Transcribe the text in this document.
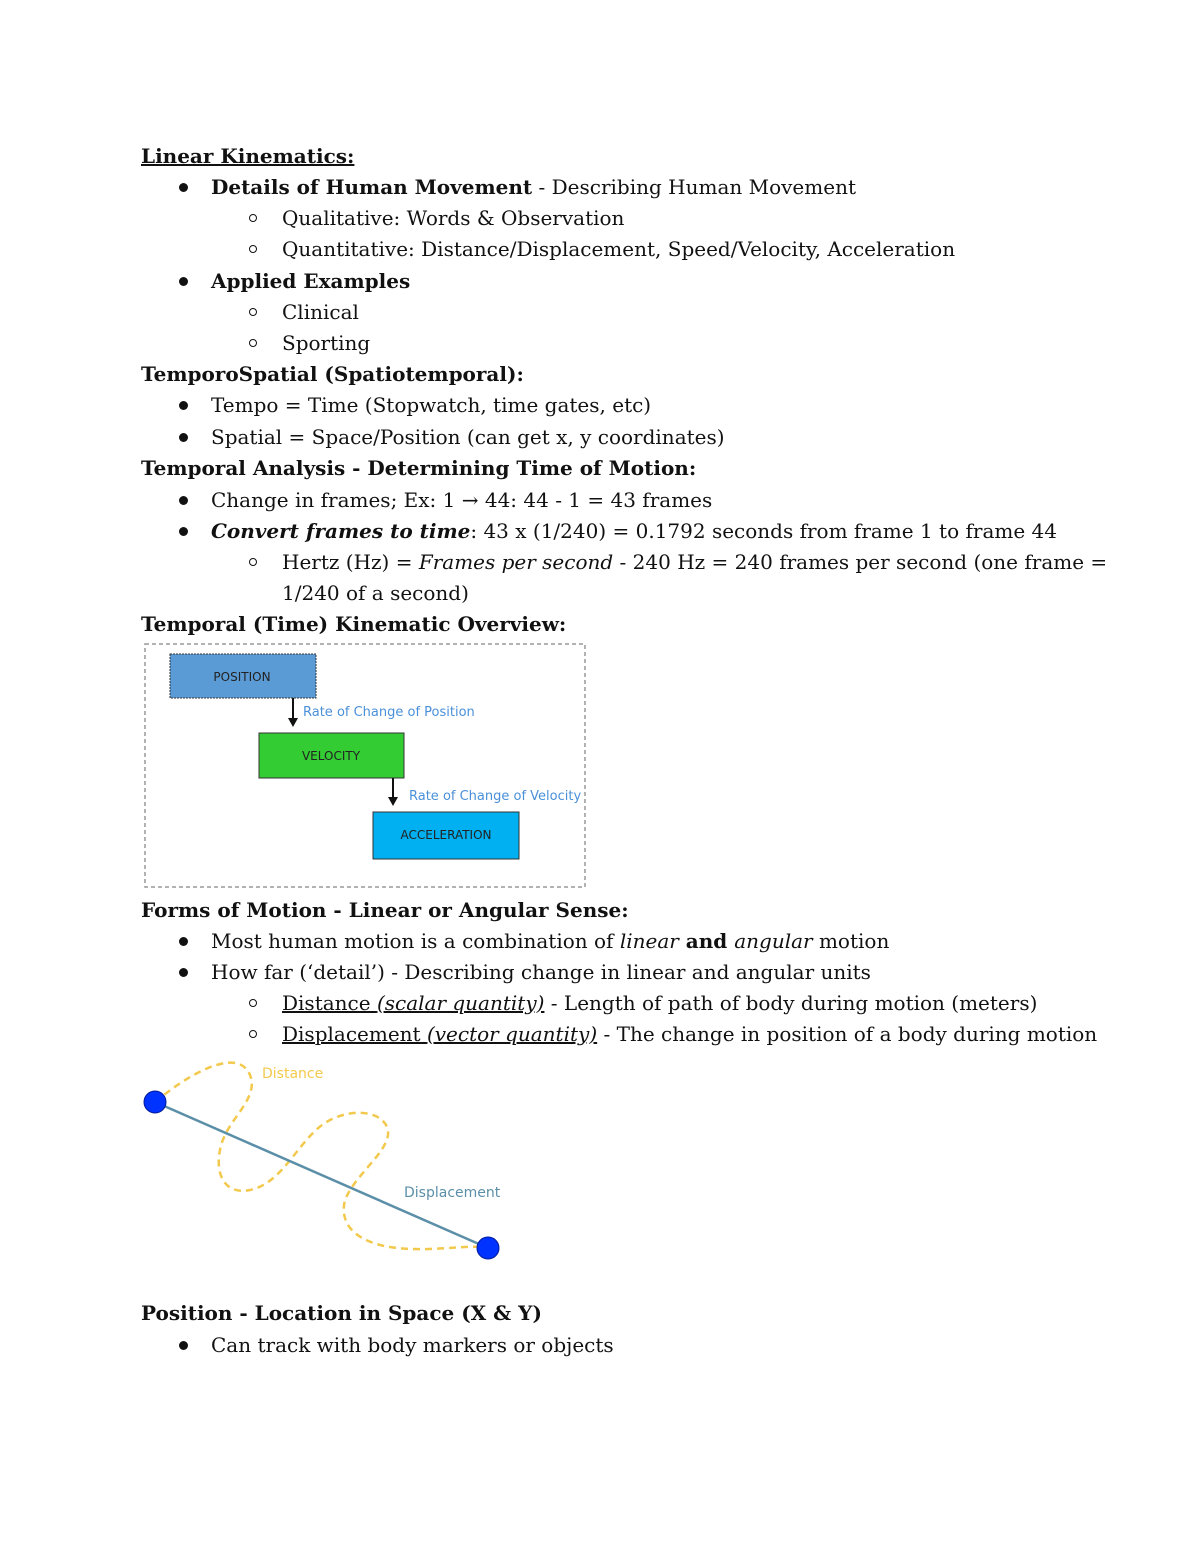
Linear Kinematics:
Details of Human Movement - Describing Human Movement
Qualitative: Words & Observation
Quantitative: Distance/Displacement, Speed/Velocity, Acceleration
Applied Examples
Clinical
Sporting
TemporoSpatial (Spatiotemporal):
Tempo = Time (Stopwatch, time gates, etc)
Spatial = Space/Position (can get x, y coordinates)
Temporal Analysis - Determining Time of Motion:
Change in frames; Ex: 1 → 44: 44 - 1 = 43 frames
Convert frames to time: 43 x (1/240) = 0.1792 seconds from frame 1 to frame 44
Hertz (Hz) = Frames per second - 240 Hz = 240 frames per second (one frame =
1/240 of a second)
Temporal (Time) Kinematic Overview:
POSITION
Rate of Change of Position
VELOCITY
Rate of Change of Velocity
ACCELERATION
Forms of Motion - Linear or Angular Sense:
Most human motion is a combination of linear and angular motion
How far (‘detail’) - Describing change in linear and angular units
Distance (scalar quantity) - Length of path of body during motion (meters)
Displacement (vector quantity) - The change in position of a body during motion
Distance
Displacement
Position - Location in Space (X & Y)
Can track with body markers or objects
